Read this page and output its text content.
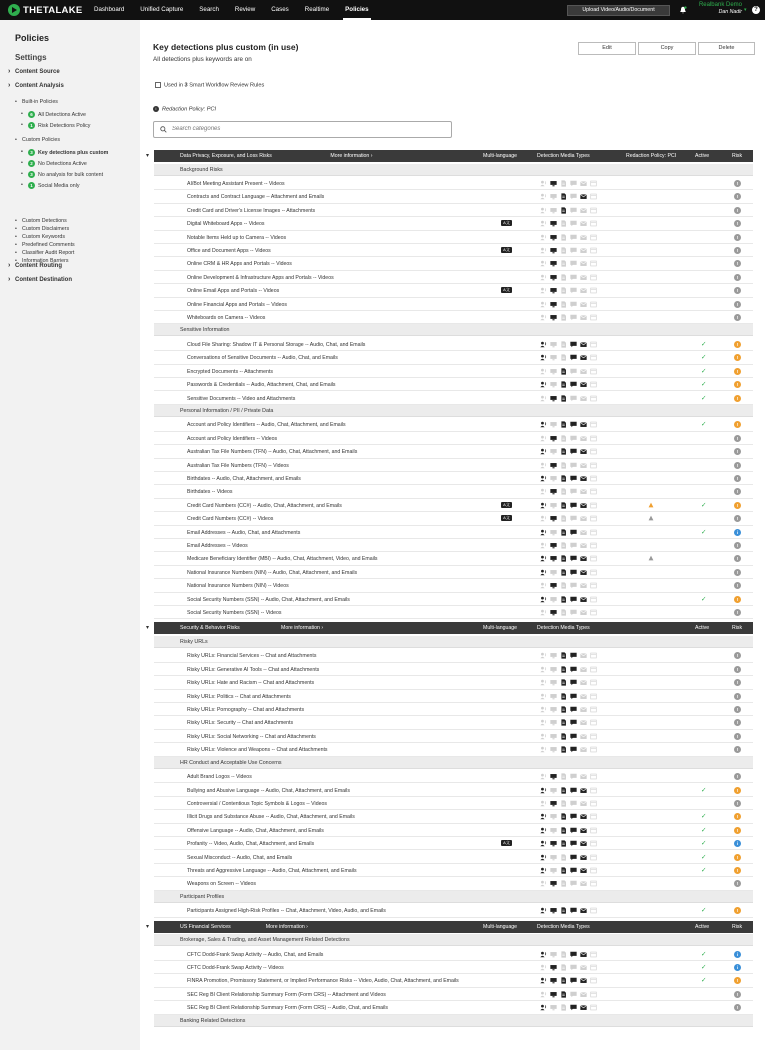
THETALAKE	Dashboard	Unified Capture	Search	Review	Cases	Realtime	Policies	Upload Video/Audio/Document
Realbank Demo
Dan Nadir ▾	?
Policies
Settings
› Content Source
› Content Analysis
• Built-in Policies
• 6 All Detections Active
• 1 Risk Detections Policy
• Custom Policies
• 3 Key detections plus custom
• 2 No Detections Active
• 3 No analysis for bulk content
• 1 Social Media only
› Content Routing
› Content Destination
• Custom Detections
• Custom Disclaimers
• Custom Keywords
• Predefined Comments
• Classifier Audit Report
• Information Barriers
Key detections plus custom (in use)
All detections plus keywords are on
Edit	Copy	Delete
Used in 3 Smart Workflow Review Rules
i Redaction Policy: PCI
Search categories
▾	Data Privacy, Exposure, and Loss Risks	More information ›	Multi-language	Detection Media Types	Redaction Policy: PCI	Active	Risk
Background Risks
AI/Bot Meeting Assistant Present -- Videos	!
Contracts and Contract Language -- Attachment and Emails	!
Credit Card and Driver's License Images -- Attachments	!
Digital Whiteboard Apps -- Videos	A文	!
Notable Items Held up to Camera -- Videos	!
Office and Document Apps -- Videos	A文	!
Online CRM & HR Apps and Portals -- Videos	!
Online Development & Infrastructure Apps and Portals -- Videos	!
Online Email Apps and Portals -- Videos	A文	!
Online Financial Apps and Portals -- Videos	!
Whiteboards on Camera -- Videos	!
Sensitive Information
Cloud File Sharing: Shadow IT & Personal Storage -- Audio, Chat, and Emails	✓	!
Conversations of Sensitive Documents -- Audio, Chat, and Emails	✓	!
Encrypted Documents -- Attachments	✓	!
Passwords & Credentials -- Audio, Attachment, Chat, and Emails	✓	!
Sensitive Documents -- Video and Attachments	✓	!
Personal Information / PII / Private Data
Account and Policy Identifiers -- Audio, Chat, Attachment, and Emails	✓	!
Account and Policy Identifiers -- Videos	!
Australian Tax File Numbers (TFN) -- Audio, Chat, Attachment, and Emails	!
Australian Tax File Numbers (TFN) -- Videos	!
Birthdates -- Audio, Chat, Attachment, and Emails	!
Birthdates -- Videos	!
Credit Card Numbers (CC#) -- Audio, Chat, Attachment, and Emails	A文	✓	!
Credit Card Numbers (CC#) -- Videos	A文	!
Email Addresses -- Audio, Chat, and Attachments	✓	i
Email Addresses -- Videos	!
Medicare Beneficiary Identifier (MBI) -- Audio, Chat, Attachment, Video, and Emails	!
National Insurance Numbers (NIN) -- Audio, Chat, Attachment, and Emails	!
National Insurance Numbers (NIN) -- Videos	!
Social Security Numbers (SSN) -- Audio, Chat, Attachment, and Emails	✓	!
Social Security Numbers (SSN) -- Videos	!
▾	Security & Behavior Risks	More information ›	Multi-language	Detection Media Types	Active	Risk
Risky URLs
Risky URLs: Financial Services -- Chat and Attachments	!
Risky URLs: Generative AI Tools -- Chat and Attachments	!
Risky URLs: Hate and Racism -- Chat and Attachments	!
Risky URLs: Politics -- Chat and Attachments	!
Risky URLs: Pornography -- Chat and Attachments	!
Risky URLs: Security -- Chat and Attachments	!
Risky URLs: Social Networking -- Chat and Attachments	!
Risky URLs: Violence and Weapons -- Chat and Attachments	!
HR Conduct and Acceptable Use Concerns
Adult Brand Logos -- Videos	!
Bullying and Abusive Language -- Audio, Chat, Attachment, and Emails	✓	!
Controversial / Contentious Topic Symbols & Logos -- Videos	!
Illicit Drugs and Substance Abuse -- Audio, Chat, Attachment, and Emails	✓	!
Offensive Language -- Audio, Chat, Attachment, and Emails	✓	!
Profanity -- Video, Audio, Chat, Attachment, and Emails	A文	✓	i
Sexual Misconduct -- Audio, Chat, and Emails	✓	!
Threats and Aggressive Language -- Audio, Chat, Attachment, and Emails	✓	!
Weapons on Screen -- Videos	!
Participant Profiles
Participants Assigned High-Risk Profiles -- Chat, Attachment, Video, Audio, and Emails	✓	!
▾	US Financial Services	More information ›	Multi-language	Detection Media Types	Active	Risk
Brokerage, Sales & Trading, and Asset Management Related Detections
CFTC Dodd-Frank Swap Activity -- Audio, Chat, and Emails	✓	i
CFTC Dodd-Frank Swap Activity -- Videos	✓	i
FINRA Promotion, Promissory Statement, or Implied Performance Risks -- Video, Audio, Chat, Attachment, and Emails	✓	!
SEC Reg BI Client Relationship Summary Form (Form CRS) -- Attachment and Videos	!
SEC Reg BI Client Relationship Summary Form (Form CRS) -- Audio, Chat, and Emails	!
Banking Related Detections
